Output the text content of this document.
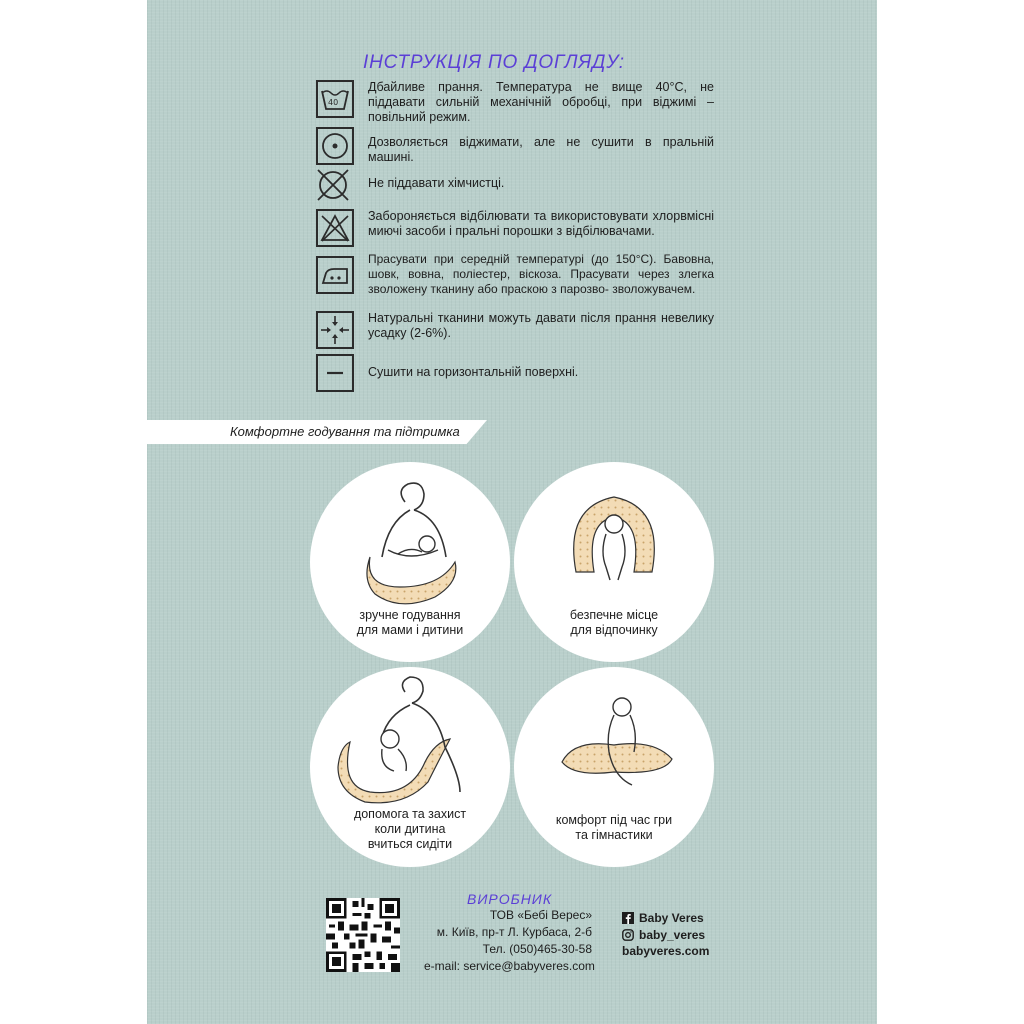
ІНСТРУКЦІЯ ПО ДОГЛЯДУ:
40
Дбайливе прання. Температура не вище 40°С, не піддавати сильній механічній обробці, при віджимі – повільний режим.
Дозволяється віджимати, але не сушити в пральній машині.
Не піддавати хімчистці.
Забороняється відбілювати та використовувати хлорвмісні миючі засоби і пральні порошки з відбілювачами.
Прасувати при середній температурі (до 150°С). Бавовна, шовк, вовна, поліестер, віскоза. Прасувати через злегка зволожену тканину або праскою з парозво- зволожувачем.
Натуральні тканини можуть давати після прання невелику усадку (2-6%).
Сушити на горизонтальній поверхні.
Комфортне годування та підтримка
зручне годування
для мами і дитини
безпечне місце
для відпочинку
допомога та захист
коли дитина
вчиться сидіти
комфорт під час гри
та гімнастики
ВИРОБНИК
ТОВ «Бебі Верес»
м. Київ, пр-т Л. Курбаса, 2-б
Тел. (050)465-30-58
e-mail: service@babyveres.com
Baby Veres
baby_veres
babyveres.com
